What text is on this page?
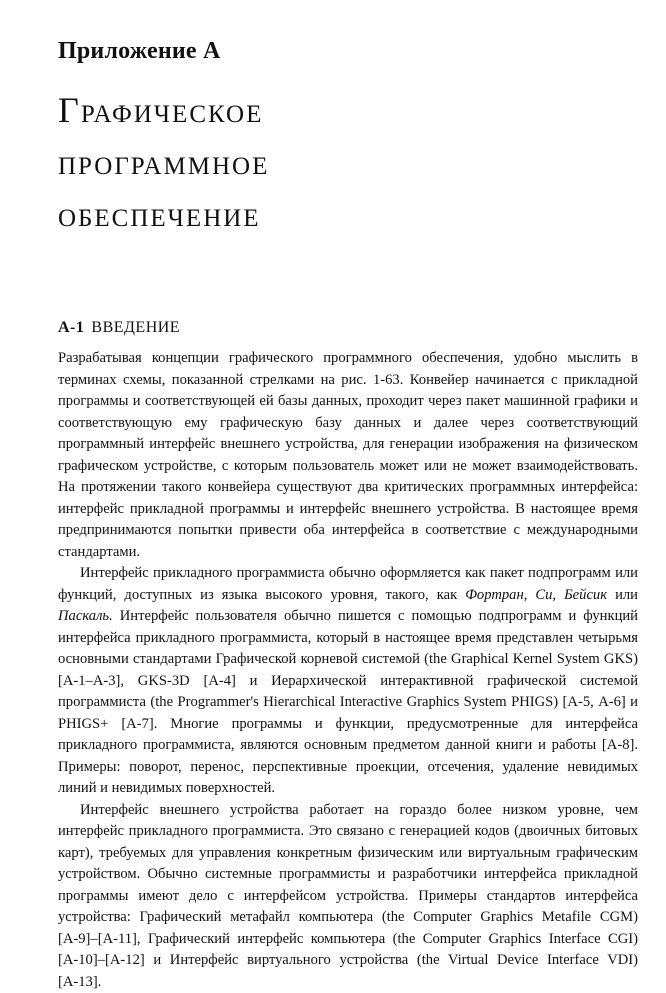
Приложение А
Графическое
программное
обеспечение
А-1 ВВЕДЕНИЕ

Разрабатывая концепции графического программного обеспечения, удобно мыслить в терминах схемы, показанной стрелками на рис. 1-63. Конвейер начинается с прикладной программы и соответствующей ей базы данных, проходит через пакет машинной графики и соответствующую ему графическую базу данных и далее через соответствующий программный интерфейс внешнего устройства, для генерации изображения на физическом графическом устройстве, с которым пользователь может или не может взаимодействовать. На протяжении такого конвейера существуют два критических программных интерфейса: интерфейс прикладной программы и интерфейс внешнего устройства. В настоящее время предпринимаются попытки привести оба интерфейса в соответствие с международными стандартами.

Интерфейс прикладного программиста обычно оформляется как пакет подпрограмм или функций, доступных из языка высокого уровня, такого, как Фортран, Си, Бейсик или Паскаль. Интерфейс пользователя обычно пишется с помощью подпрограмм и функций интерфейса прикладного программиста, который в настоящее время представлен четырьмя основными стандартами Графической корневой системой (the Graphical Kernel System GKS) [А-1–А-3], GKS-3D [А-4] и Иерархической интерактивной графической системой программиста (the Programmer's Hierarchical Interactive Graphics System PHIGS) [А-5, А-6] и PHIGS+ [А-7]. Многие программы и функции, предусмотренные для интерфейса прикладного программиста, являются основным предметом данной книги и работы [А-8]. Примеры: поворот, перенос, перспективные проекции, отсечения, удаление невидимых линий и невидимых поверхностей.

Интерфейс внешнего устройства работает на гораздо более низком уровне, чем интерфейс прикладного программиста. Это связано с генерацией кодов (двоичных битовых карт), требуемых для управления конкретным физическим или виртуальным графическим устройством. Обычно системные программисты и разработчики интерфейса прикладной программы имеют дело с интерфейсом устройства. Примеры стандартов интерфейса устройства: Графический метафайл компьютера (the Computer Graphics Metafile CGM) [А-9]–[А-11], Графический интерфейс компьютера (the Computer Graphics Interface CGI) [А-10]–[А-12] и Интерфейс виртуального устройства (the Virtual Device Interface VDI) [А-13].
